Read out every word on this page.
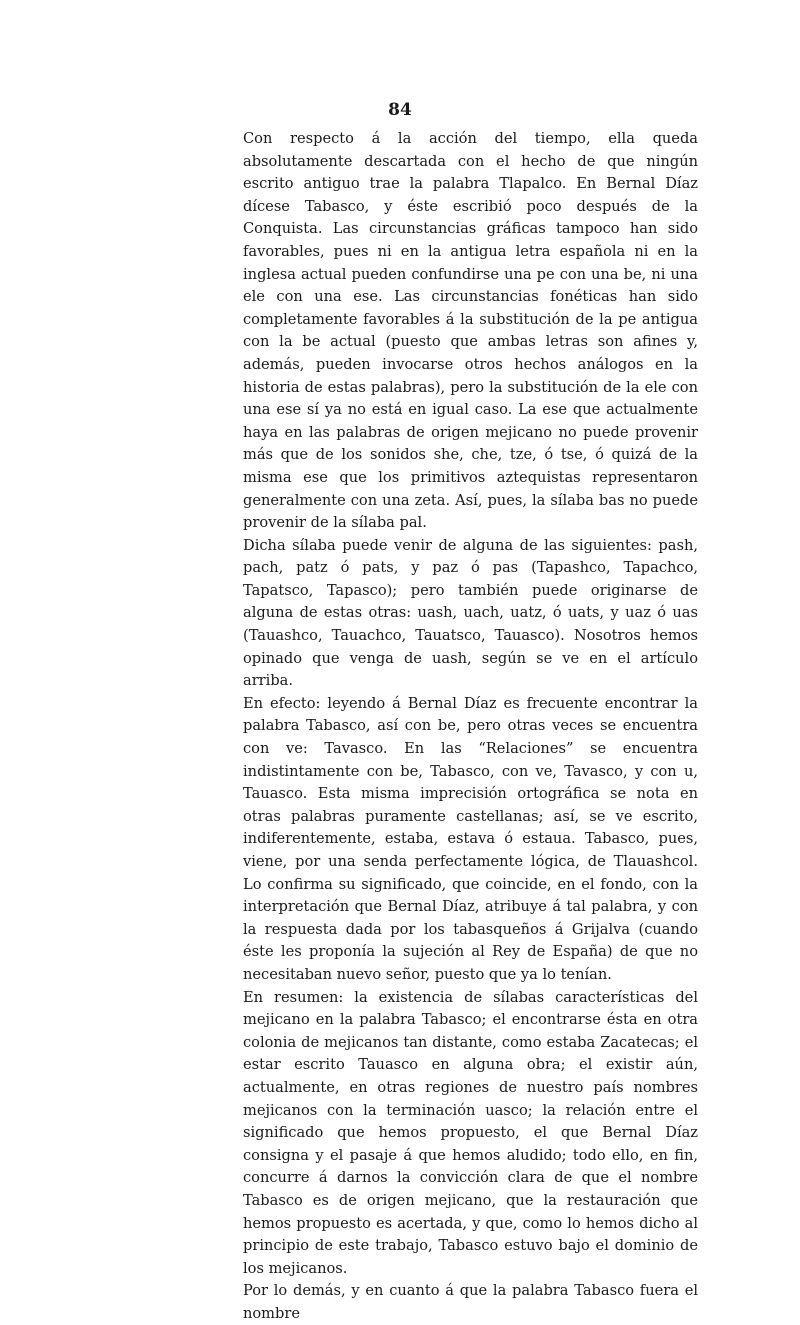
84

Con respecto á la acción del tiempo, ella queda absolutamente descartada con el hecho de que ningún escrito antiguo trae la palabra Tlapalco. En Bernal Díaz dícese Tabasco, y éste escribió poco después de la Conquista. Las circunstancias gráficas tampoco han sido favorables, pues ni en la antigua letra española ni en la inglesa actual pueden confundirse una pe con una be, ni una ele con una ese. Las circunstancias fonéticas han sido completamente favorables á la substitución de la pe antigua con la be actual (puesto que ambas letras son afines y, además, pueden invocarse otros hechos análogos en la historia de estas palabras), pero la substitución de la ele con una ese sí ya no está en igual caso. La ese que actualmente haya en las palabras de origen mejicano no puede provenir más que de los sonidos she, che, tze, ó tse, ó quizá de la misma ese que los primitivos aztequistas representaron generalmente con una zeta. Así, pues, la sílaba bas no puede provenir de la sílaba pal.

Dicha sílaba puede venir de alguna de las siguientes: pash, pach, patz ó pats, y paz ó pas (Tapashco, Tapachco, Tapatsco, Tapasco); pero también puede originarse de alguna de estas otras: uash, uach, uatz, ó uats, y uaz ó uas (Tauashco, Tauachco, Tauatsco, Tauasco). Nosotros hemos opinado que venga de uash, según se ve en el artículo arriba.

En efecto: leyendo á Bernal Díaz es frecuente encontrar la palabra Tabasco, así con be, pero otras veces se encuentra con ve: Tavasco. En las “Relaciones” se encuentra indistintamente con be, Tabasco, con ve, Tavasco, y con u, Tauasco. Esta misma imprecisión ortográfica se nota en otras palabras puramente castellanas; así, se ve escrito, indiferentemente, estaba, estava ó estaua. Tabasco, pues, viene, por una senda perfectamente lógica, de Tlauashcol. Lo confirma su significado, que coincide, en el fondo, con la interpretación que Bernal Díaz, atribuye á tal palabra, y con la respuesta dada por los tabasqueños á Grijalva (cuando éste les proponía la sujeción al Rey de España) de que no necesitaban nuevo señor, puesto que ya lo tenían.

En resumen: la existencia de sílabas características del mejicano en la palabra Tabasco; el encontrarse ésta en otra colonia de mejicanos tan distante, como estaba Zacatecas; el estar escrito Tauasco en alguna obra; el existir aún, actualmente, en otras regiones de nuestro país nombres mejicanos con la terminación uasco; la relación entre el significado que hemos propuesto, el que Bernal Díaz consigna y el pasaje á que hemos aludido; todo ello, en fin, concurre á darnos la convicción clara de que el nombre Tabasco es de origen mejicano, que la restauración que hemos propuesto es acertada, y que, como lo hemos dicho al principio de este trabajo, Tabasco estuvo bajo el dominio de los mejicanos.

Por lo demás, y en cuanto á que la palabra Tabasco fuera el nombre
